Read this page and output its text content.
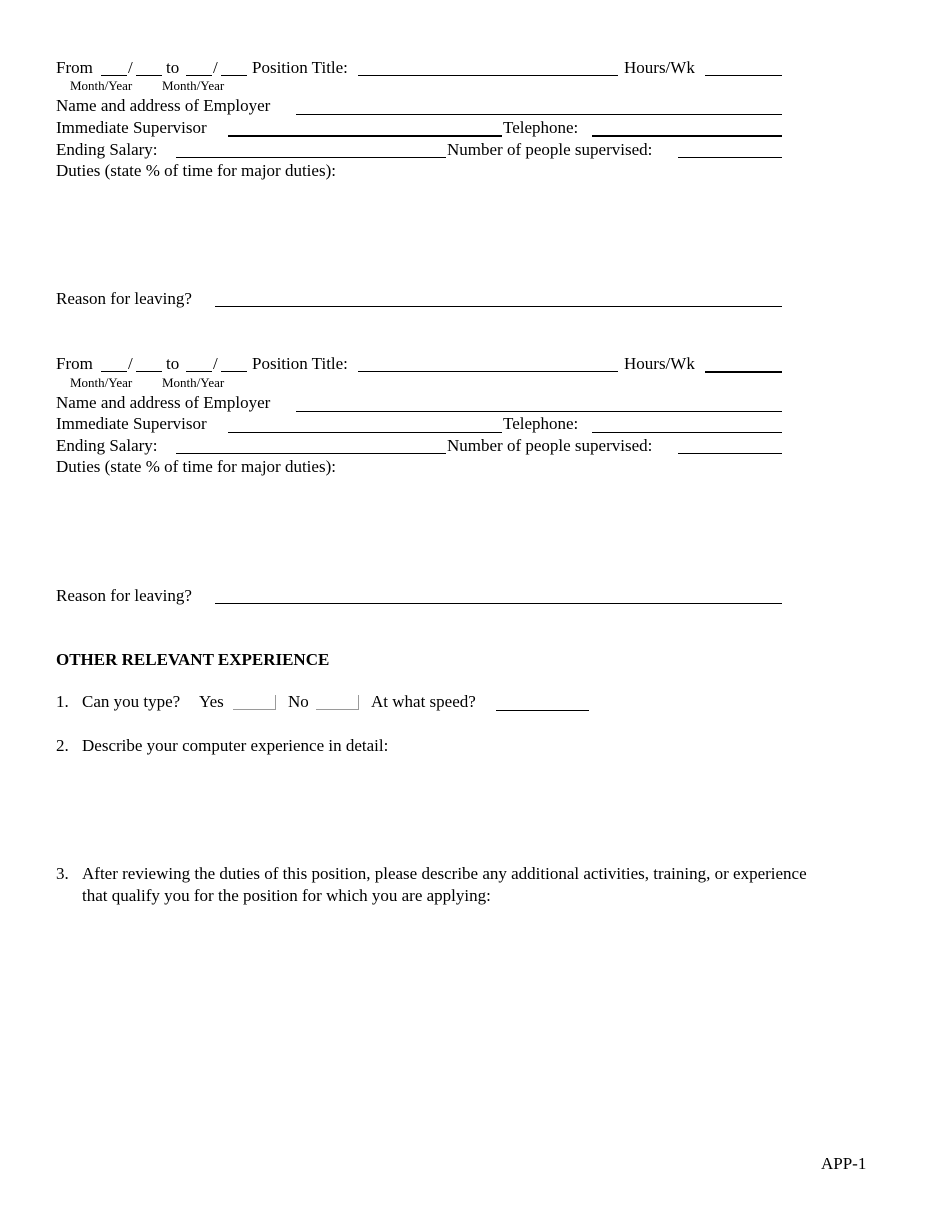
From / to / Position Title:	Hours/Wk
Month/Year Month/Year
Name and address of Employer
Immediate Supervisor	Telephone:
Ending Salary:	Number of people supervised:
Duties (state % of time for major duties):
Reason for leaving?
From / to / Position Title:	Hours/Wk
Month/Year Month/Year
Name and address of Employer
Immediate Supervisor	Telephone:
Ending Salary:	Number of people supervised:
Duties (state % of time for major duties):
Reason for leaving?
OTHER RELEVANT EXPERIENCE
1. Can you type? Yes	No	At what speed?
2. Describe your computer experience in detail:
3. After reviewing the duties of this position, please describe any additional activities, training, or experience
that qualify you for the position for which you are applying:
APP-1
